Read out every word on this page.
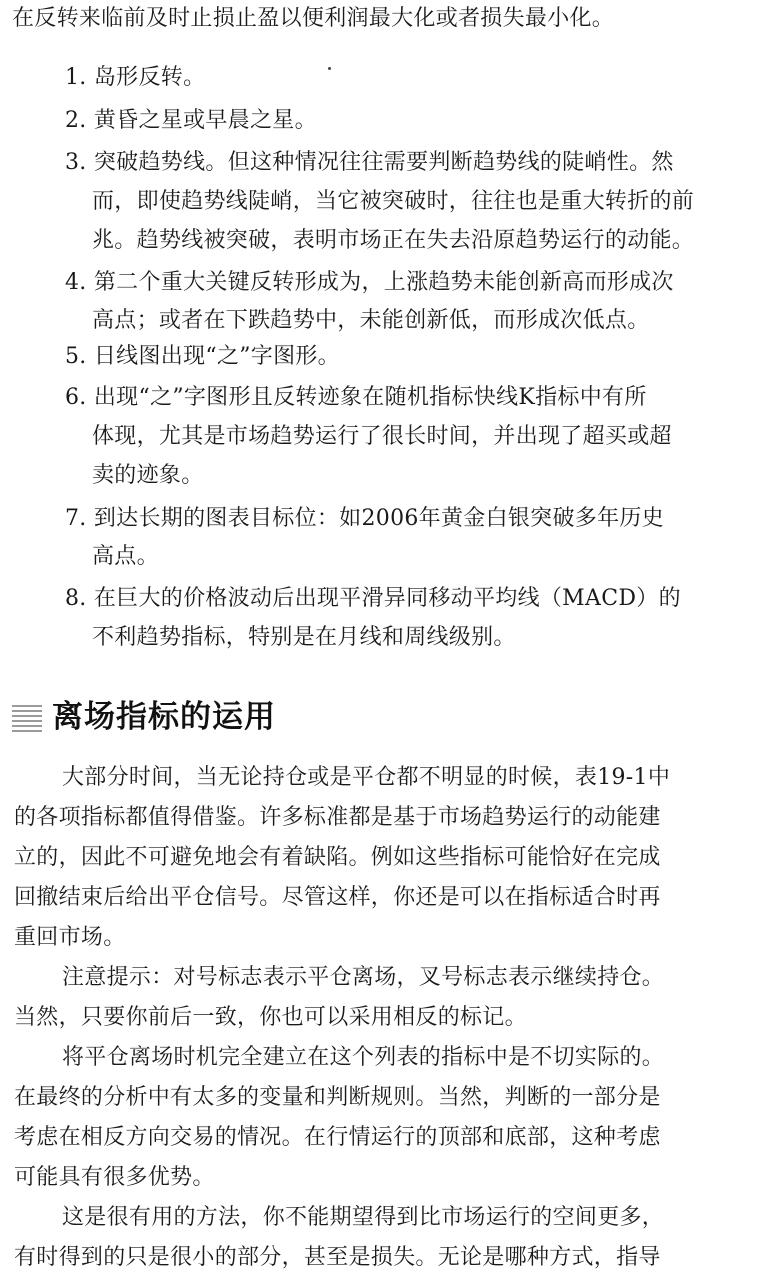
在反转来临前及时止损止盈以便利润最大化或者损失最小化。
1. 岛形反转。
2. 黄昏之星或早晨之星。
3. 突破趋势线。但这种情况往往需要判断趋势线的陡峭性。然
而，即使趋势线陡峭，当它被突破时，往往也是重大转折的前
兆。趋势线被突破，表明市场正在失去沿原趋势运行的动能。
4. 第二个重大关键反转形成为，上涨趋势未能创新高而形成次
高点；或者在下跌趋势中，未能创新低，而形成次低点。
5. 日线图出现“之”字图形。
6. 出现“之”字图形且反转迹象在随机指标快线K指标中有所
体现，尤其是市场趋势运行了很长时间，并出现了超买或超
卖的迹象。
7. 到达长期的图表目标位：如2006年黄金白银突破多年历史
高点。
8. 在巨大的价格波动后出现平滑异同移动平均线（MACD）的
不利趋势指标，特别是在月线和周线级别。
离场指标的运用
大部分时间，当无论持仓或是平仓都不明显的时候，表19-1中
的各项指标都值得借鉴。许多标准都是基于市场趋势运行的动能建
立的，因此不可避免地会有着缺陷。例如这些指标可能恰好在完成
回撤结束后给出平仓信号。尽管这样，你还是可以在指标适合时再
重回市场。
注意提示：对号标志表示平仓离场，叉号标志表示继续持仓。
当然，只要你前后一致，你也可以采用相反的标记。
将平仓离场时机完全建立在这个列表的指标中是不切实际的。
在最终的分析中有太多的变量和判断规则。当然，判断的一部分是
考虑在相反方向交易的情况。在行情运行的顶部和底部，这种考虑
可能具有很多优势。
这是很有用的方法，你不能期望得到比市场运行的空间更多，
有时得到的只是很小的部分，甚至是损失。无论是哪种方式，指导
